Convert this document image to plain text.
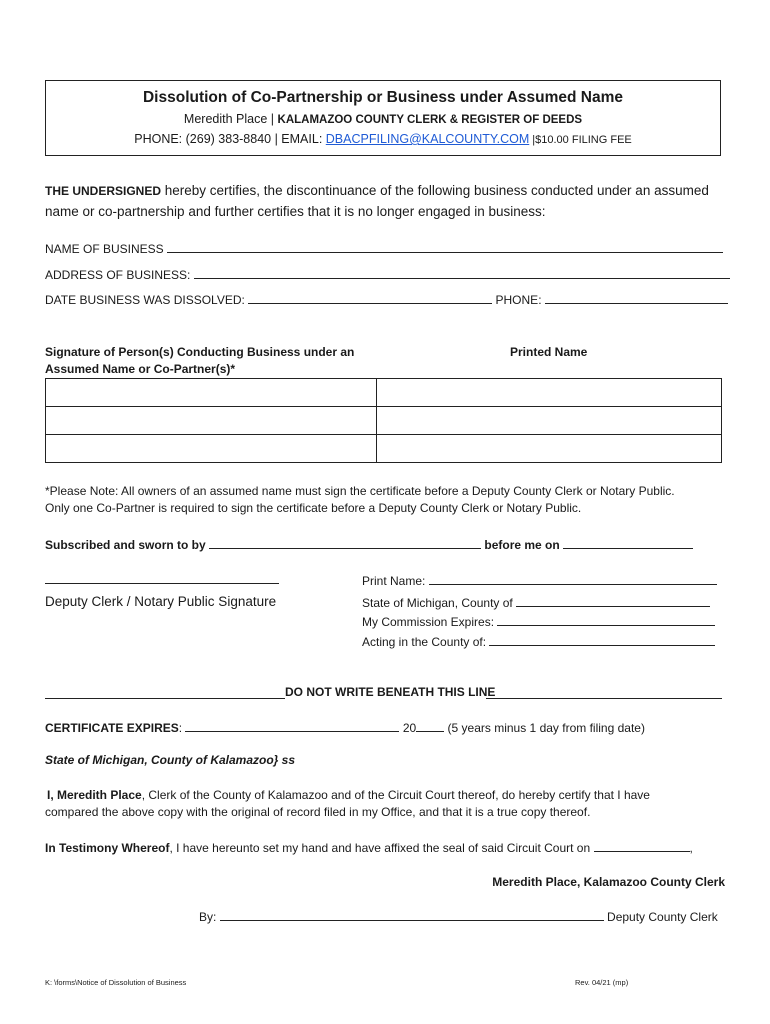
Dissolution of Co-Partnership or Business under Assumed Name
Meredith Place | KALAMAZOO COUNTY CLERK & REGISTER OF DEEDS
PHONE: (269) 383-8840 | EMAIL: DBACPFILING@KALCOUNTY.COM |$10.00 FILING FEE
THE UNDERSIGNED hereby certifies, the discontinuance of the following business conducted under an assumed
name or co-partnership and further certifies that it is no longer engaged in business:
NAME OF BUSINESS
ADDRESS OF BUSINESS:
DATE BUSINESS WAS DISSOLVED:	PHONE:
Signature of Person(s) Conducting Business under an
Assumed Name or Co-Partner(s)*
Printed Name

*Please Note: All owners of an assumed name must sign the certificate before a Deputy County Clerk or Notary Public.
Only one Co-Partner is required to sign the certificate before a Deputy County Clerk or Notary Public.
Subscribed and sworn to by	before me on
Deputy Clerk / Notary Public Signature
Print Name:
State of Michigan, County of
My Commission Expires:
Acting in the County of:
DO NOT WRITE BENEATH THIS LINE
CERTIFICATE EXPIRES:	20	(5 years minus 1 day from filing date)
State of Michigan, County of Kalamazoo} ss
I, Meredith Place, Clerk of the County of Kalamazoo and of the Circuit Court thereof, do hereby certify that I have
compared the above copy with the original of record filed in my Office, and that it is a true copy thereof.
In Testimony Whereof, I have hereunto set my hand and have affixed the seal of said Circuit Court on	,
Meredith Place, Kalamazoo County Clerk
By:	Deputy County Clerk
K: \forms\Notice of Dissolution of Business	Rev. 04/21 (mp)
